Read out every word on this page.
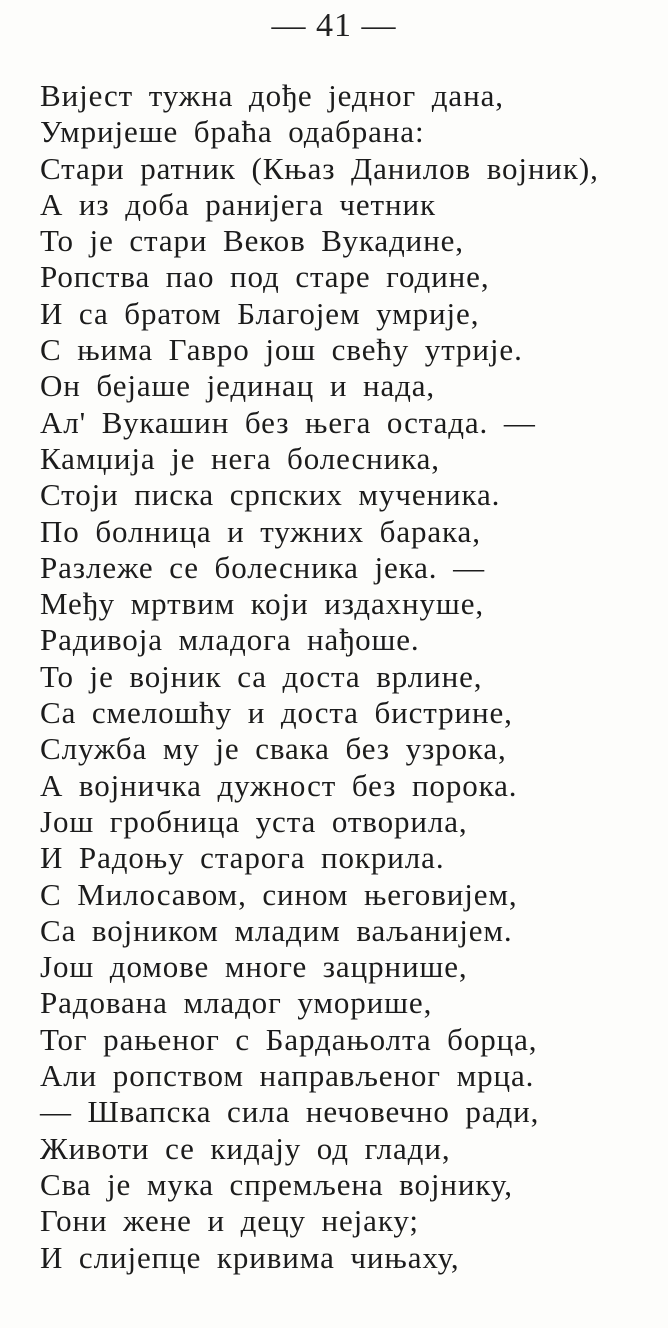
— 41 —
Вијест тужна дође једног дана,
Умријеше браћа одабрана:
Стари ратник (Књаз Данилов војник),
А из доба ранијега четник
То је стари Веков Вукадине,
Ропства пао под старе године,
И са братом Благојем умрије,
С њима Гавро још свећу утрије.
Он бејаше јединац и нада,
Ал' Вукашин без њега остада. —
Камџија је нега болесника,
Стоји писка српских мученика.
По болница и тужних барака,
Разлеже се болесника јека. —
Међу мртвим који издахнуше,
Радивоја младога нађоше.
То је војник са доста врлине,
Са смелошћу и доста бистрине,
Служба му је свака без узрока,
А војничка дужност без порока.
Још гробница уста отворила,
И Радоњу старога покрила.
С Милосавом, сином његовијем,
Са војником младим ваљанијем.
Још домове многе зацрнише,
Радована младог уморише,
Тог рањеног с Бардањолта борца,
Али ропством направљеног мрца.
— Швапска сила нечовечно ради,
Животи се кидају од глади,
Сва је мука спремљена војнику,
Гони жене и децу нејаку;
И слијепце кривима чињаху,
